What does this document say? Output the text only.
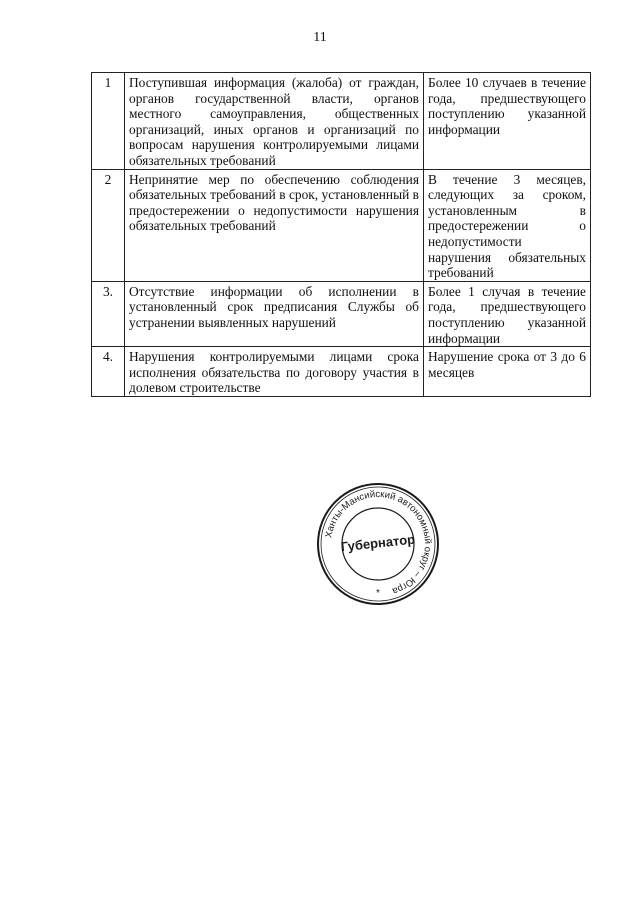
11
1	Поступившая информация (жалоба) от граждан, органов государственной власти, органов местного самоуправления, общественных организаций, иных органов и организаций по вопросам нарушения контролируемыми лицами обязательных требований	Более 10 случаев в течение года, предшествующего поступлению указанной информации
2	Непринятие мер по обеспечению соблюдения обязательных требований в срок, установленный в предостережении о недопустимости нарушения обязательных требований	В течение 3 месяцев, следующих за сроком, установленным в предостережении о недопустимости нарушения обязательных требований
3.	Отсутствие информации об исполнении в установленный срок предписания Службы об устранении выявленных нарушений	Более 1 случая в течение года, предшествующего поступлению указанной информации
4.	Нарушения контролируемыми лицами срока исполнения обязательства по договору участия в долевом строительстве	Нарушение срока от 3 до 6 месяцев
Ханты-Мансийский автономный округ – Югра
Губернатор
*
